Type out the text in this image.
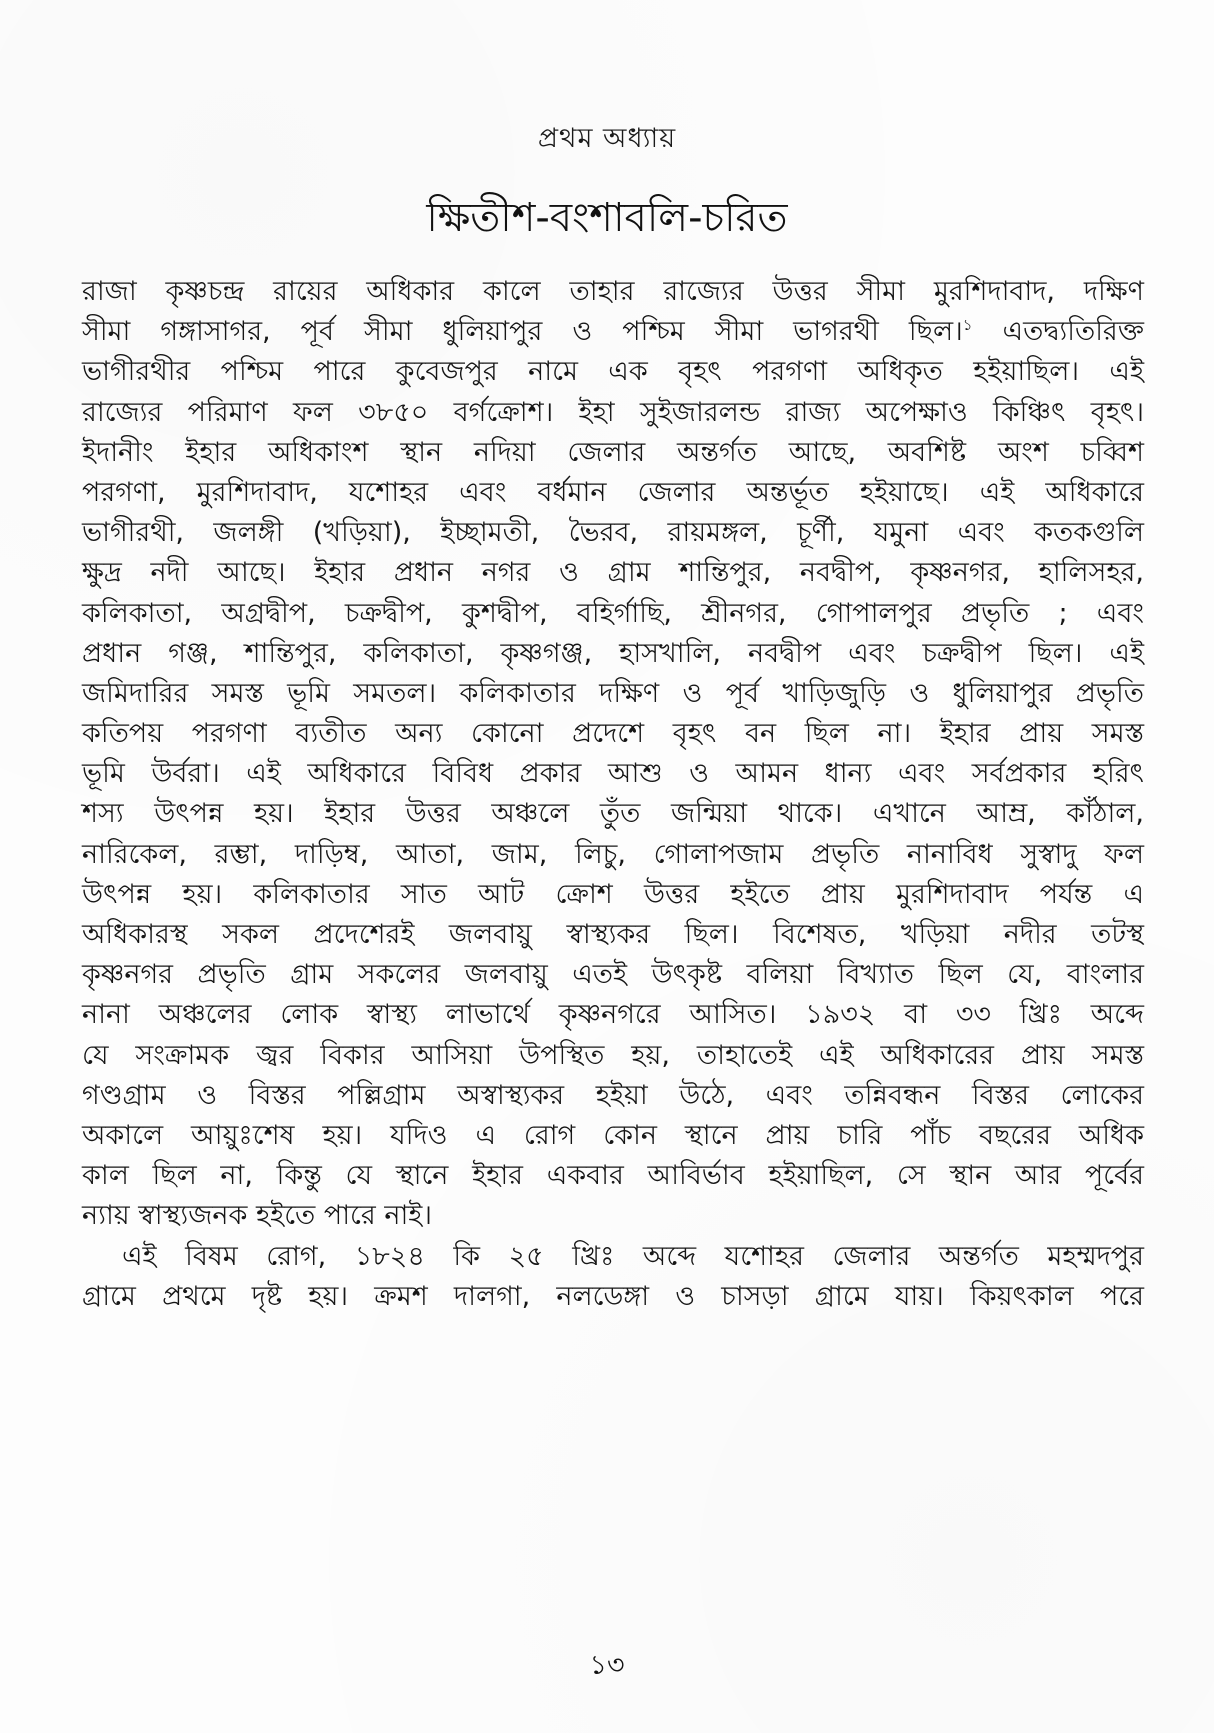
প্রথম অধ্যায়
ক্ষিতীশ-বংশাবলি-চরিত
রাজা কৃষ্ণচন্দ্র রায়ের অধিকার কালে তাহার রাজ্যের উত্তর সীমা মুরশিদাবাদ, দক্ষিণ
সীমা গঙ্গাসাগর, পূর্ব সীমা ধুলিয়াপুর ও পশ্চিম সীমা ভাগরথী ছিল।$^১$ এতদ্ব্যতিরিক্ত
ভাগীরথীর পশ্চিম পারে কুবেজপুর নামে এক বৃহৎ পরগণা অধিকৃত হইয়াছিল। এই
রাজ্যের পরিমাণ ফল ৩৮৫০ বর্গক্রোশ। ইহা সুইজারলন্ড রাজ্য অপেক্ষাও কিঞ্চিৎ বৃহৎ।
ইদানীং ইহার অধিকাংশ স্থান নদিয়া জেলার অন্তর্গত আছে, অবশিষ্ট অংশ চব্বিশ
পরগণা, মুরশিদাবাদ, যশোহর এবং বর্ধমান জেলার অন্তর্ভূত হইয়াছে। এই অধিকারে
ভাগীরথী, জলঙ্গী (খড়িয়া), ইচ্ছামতী, ভৈরব, রায়মঙ্গল, চূর্ণী, যমুনা এবং কতকগুলি
ক্ষুদ্র নদী আছে। ইহার প্রধান নগর ও গ্রাম শান্তিপুর, নবদ্বীপ, কৃষ্ণনগর, হালিসহর,
কলিকাতা, অগ্রদ্বীপ, চক্রদ্বীপ, কুশদ্বীপ, বহির্গাছি, শ্রীনগর, গোপালপুর প্রভৃতি ; এবং
প্রধান গঞ্জ, শান্তিপুর, কলিকাতা, কৃষ্ণগঞ্জ, হাসখালি, নবদ্বীপ এবং চক্রদ্বীপ ছিল। এই
জমিদারির সমস্ত ভূমি সমতল। কলিকাতার দক্ষিণ ও পূর্ব খাড়িজুড়ি ও ধুলিয়াপুর প্রভৃতি
কতিপয় পরগণা ব্যতীত অন্য কোনো প্রদেশে বৃহৎ বন ছিল না। ইহার প্রায় সমস্ত
ভূমি উর্বরা। এই অধিকারে বিবিধ প্রকার আশু ও আমন ধান্য এবং সর্বপ্রকার হরিৎ
শস্য উৎপন্ন হয়। ইহার উত্তর অঞ্চলে তুঁত জন্মিয়া থাকে। এখানে আম্র, কাঁঠাল,
নারিকেল, রম্ভা, দাড়িম্ব, আতা, জাম, লিচু, গোলাপজাম প্রভৃতি নানাবিধ সুস্বাদু ফল
উৎপন্ন হয়। কলিকাতার সাত আট ক্রোশ উত্তর হইতে প্রায় মুরশিদাবাদ পর্যন্ত এ
অধিকারস্থ সকল প্রদেশেরই জলবায়ু স্বাস্থ্যকর ছিল। বিশেষত, খড়িয়া নদীর তটস্থ
কৃষ্ণনগর প্রভৃতি গ্রাম সকলের জলবায়ু এতই উৎকৃষ্ট বলিয়া বিখ্যাত ছিল যে, বাংলার
নানা অঞ্চলের লোক স্বাস্থ্য লাভার্থে কৃষ্ণনগরে আসিত। ১৯৩২ বা ৩৩ খ্রিঃ অব্দে
যে সংক্রামক জ্বর বিকার আসিয়া উপস্থিত হয়, তাহাতেই এই অধিকারের প্রায় সমস্ত
গণ্ডগ্রাম ও বিস্তর পল্লিগ্রাম অস্বাস্থ্যকর হইয়া উঠে, এবং তন্নিবন্ধন বিস্তর লোকের
অকালে আয়ুঃশেষ হয়। যদিও এ রোগ কোন স্থানে প্রায় চারি পাঁচ বছরের অধিক
কাল ছিল না, কিন্তু যে স্থানে ইহার একবার আবির্ভাব হইয়াছিল, সে স্থান আর পূর্বের
ন্যায় স্বাস্থ্যজনক হইতে পারে নাই।
এই বিষম রোগ, ১৮২৪ কি ২৫ খ্রিঃ অব্দে যশোহর জেলার অন্তর্গত মহম্মদপুর
গ্রামে প্রথমে দৃষ্ট হয়। ক্রমশ দালগা, নলডেঙ্গা ও চাসড়া গ্রামে যায়। কিয়ৎকাল পরে
১৩
